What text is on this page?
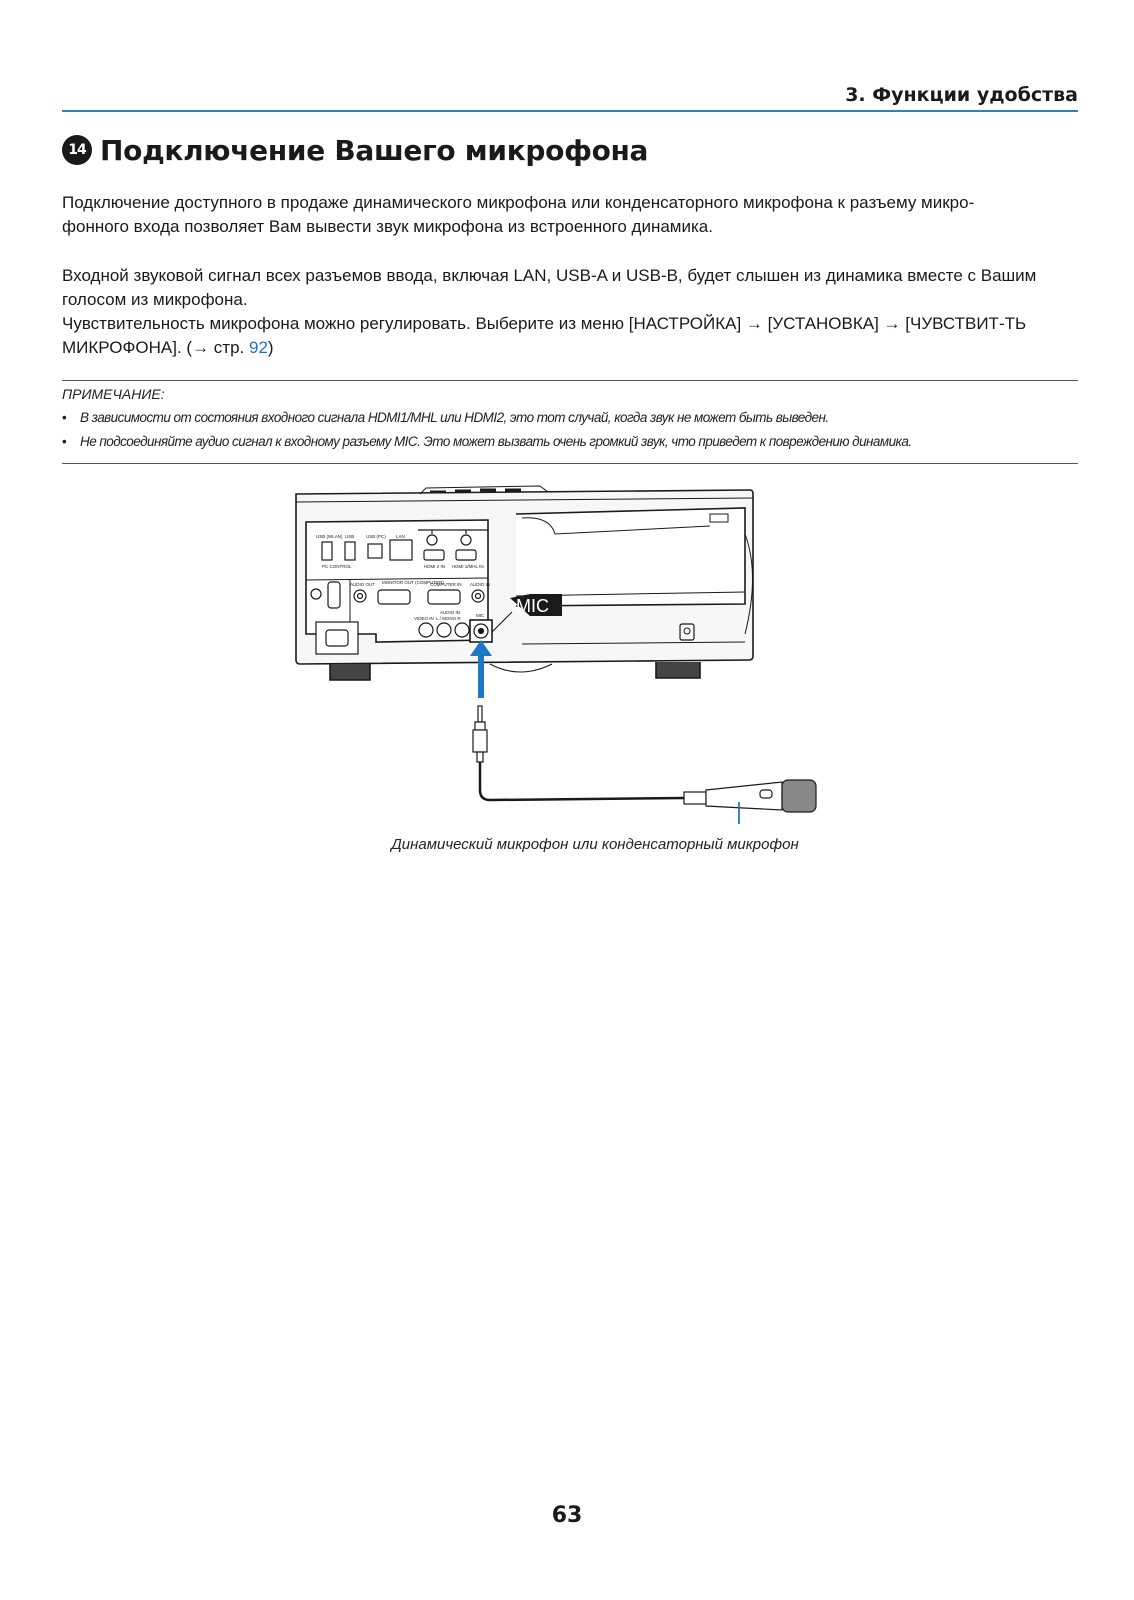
3. Функции удобства
14 Подключение Вашего микрофона
Подключение доступного в продаже динамического микрофона или конденсаторного микрофона к разъему микро-
фонного входа позволяет Вам вывести звук микрофона из встроенного динамика.
Входной звуковой сигнал всех разъемов ввода, включая LAN, USB-A и USB-B, будет слышен из динамика вместе с Вашим
голосом из микрофона.
Чувствительность микрофона можно регулировать. Выберите из меню [НАСТРОЙКА] → [УСТАНОВКА] → [ЧУВСТВИТ-ТЬ
МИКРОФОНА]. (→ стр. 92)
ПРИМЕЧАНИЕ:
• В зависимости от состояния входного сигнала HDMI1/MHL или HDMI2, это тот случай, когда звук не может быть выведен.
• Не подсоединяйте аудио сигнал к входному разъему MIC. Это может вызвать очень громкий звук, что приведет к повреждению динамика.
USB (WLAN) USB	USB (PC) LAN
HDMI 2 IN HDMI 1/MHL IN
PC CONTROL
AUDIO OUT MONITOR OUT (COMPUTER)
COMPUTER IN AUDIO IN
AUDIO IN
VIDEO IN L / MONO R
MIC MIC
Динамический микрофон или конденсаторный микрофон
63
